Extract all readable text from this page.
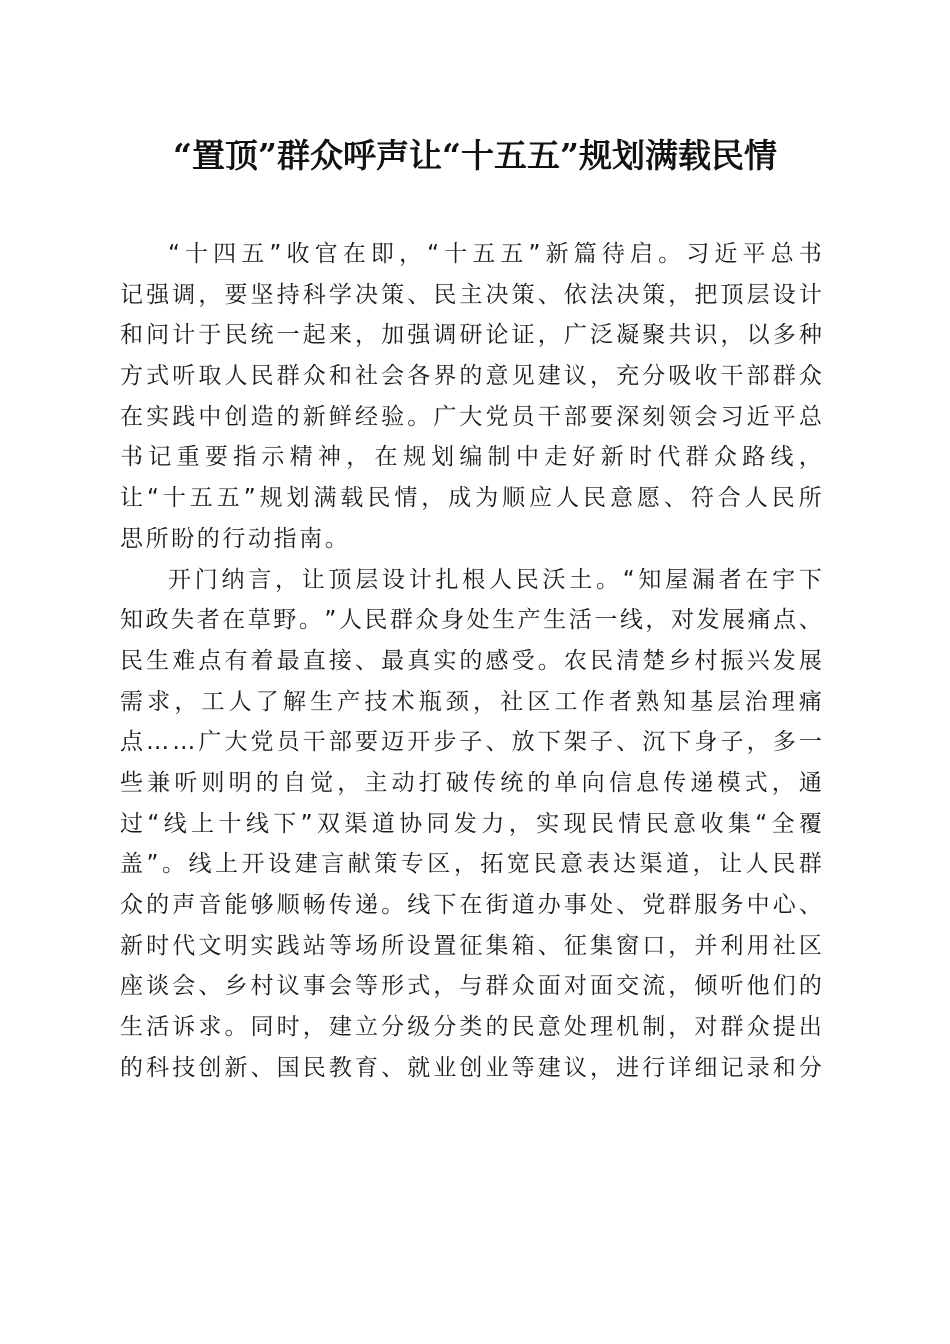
“置顶”群众呼声让“十五五”规划满载民情
“ 十 四 五 ” 收 官 在 即 ， “ 十 五 五 ” 新 篇 待 启 。 习 近 平 总 书
记 强 调 ， 要 坚 持 科 学 决 策 、 民 主 决 策 、 依 法 决 策 ， 把 顶 层 设 计
和 问 计 于 民 统 一 起 来 ， 加 强 调 研 论 证 ， 广 泛 凝 聚 共 识 ， 以 多 种
方 式 听 取 人 民 群 众 和 社 会 各 界 的 意 见 建 议 ， 充 分 吸 收 干 部 群 众
在 实 践 中 创 造 的 新 鲜 经 验 。 广 大 党 员 干 部 要 深 刻 领 会 习 近 平 总
书 记 重 要 指 示 精 神 ， 在 规 划 编 制 中 走 好 新 时 代 群 众 路 线 ，
让 “ 十 五 五 ” 规 划 满 载 民 情 ， 成 为 顺 应 人 民 意 愿 、 符 合 人 民 所
思 所 盼 的 行 动 指 南 。
开 门 纳 言 ， 让 顶 层 设 计 扎 根 人 民 沃 土 。 “ 知 屋 漏 者 在 宇 下
知 政 失 者 在 草 野 。 ” 人 民 群 众 身 处 生 产 生 活 一 线 ， 对 发 展 痛 点 、
民 生 难 点 有 着 最 直 接 、 最 真 实 的 感 受 。 农 民 清 楚 乡 村 振 兴 发 展
需 求 ， 工 人 了 解 生 产 技 术 瓶 颈 ， 社 区 工 作 者 熟 知 基 层 治 理 痛
点 … … 广 大 党 员 干 部 要 迈 开 步 子 、 放 下 架 子 、 沉 下 身 子 ， 多 一
些 兼 听 则 明 的 自 觉 ， 主 动 打 破 传 统 的 单 向 信 息 传 递 模 式 ， 通
过 “ 线 上 十 线 下 ” 双 渠 道 协 同 发 力 ， 实 现 民 情 民 意 收 集 “ 全 覆
盖 ” 。 线 上 开 设 建 言 献 策 专 区 ， 拓 宽 民 意 表 达 渠 道 ， 让 人 民 群
众 的 声 音 能 够 顺 畅 传 递 。 线 下 在 街 道 办 事 处 、 党 群 服 务 中 心 、
新 时 代 文 明 实 践 站 等 场 所 设 置 征 集 箱 、 征 集 窗 口 ， 并 利 用 社 区
座 谈 会 、 乡 村 议 事 会 等 形 式 ， 与 群 众 面 对 面 交 流 ， 倾 听 他 们 的
生 活 诉 求 。 同 时 ， 建 立 分 级 分 类 的 民 意 处 理 机 制 ， 对 群 众 提 出
的 科 技 创 新 、 国 民 教 育 、 就 业 创 业 等 建 议 ， 进 行 详 细 记 录 和 分
